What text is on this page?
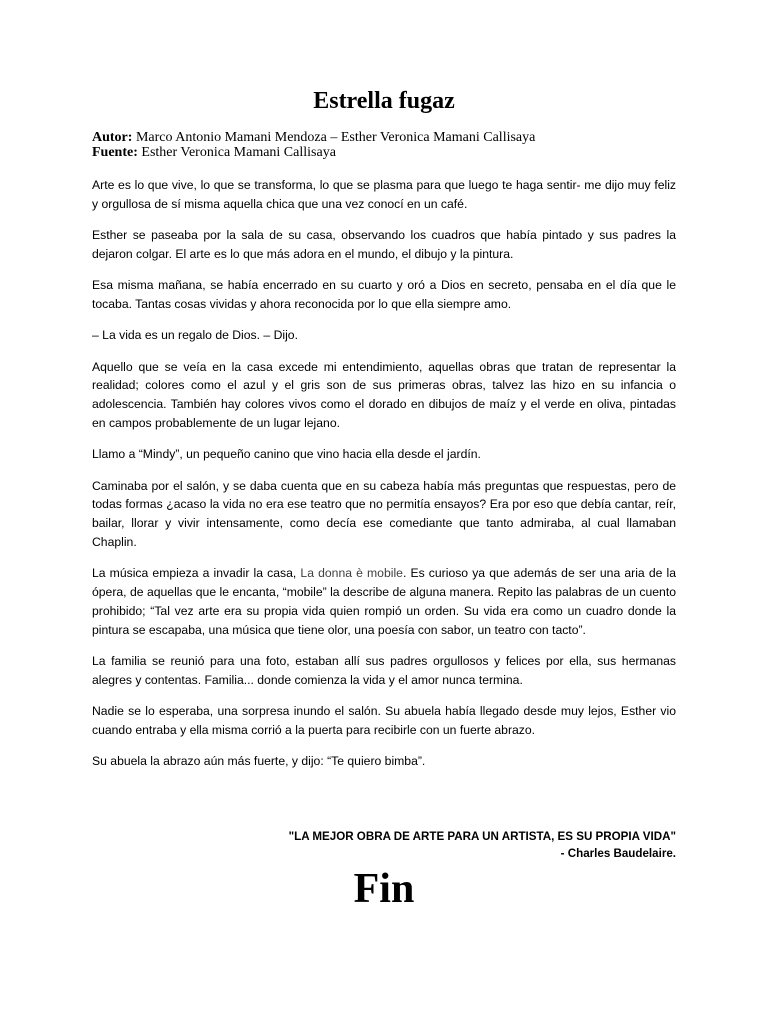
Estrella fugaz
Autor: Marco Antonio Mamani Mendoza – Esther Veronica Mamani Callisaya
Fuente: Esther Veronica Mamani Callisaya

Arte es lo que vive, lo que se transforma, lo que se plasma para que luego te haga sentir- me dijo muy feliz y orgullosa de sí misma aquella chica que una vez conocí en un café.

Esther se paseaba por la sala de su casa, observando los cuadros que había pintado y sus padres la dejaron colgar. El arte es lo que más adora en el mundo, el dibujo y la pintura.

Esa misma mañana, se había encerrado en su cuarto y oró a Dios en secreto, pensaba en el día que le tocaba. Tantas cosas vividas y ahora reconocida por lo que ella siempre amo.

– La vida es un regalo de Dios. – Dijo.

Aquello que se veía en la casa excede mi entendimiento, aquellas obras que tratan de representar la realidad; colores como el azul y el gris son de sus primeras obras, talvez las hizo en su infancia o adolescencia. También hay colores vivos como el dorado en dibujos de maíz y el verde en oliva, pintadas en campos probablemente de un lugar lejano.

Llamo a “Mindy”, un pequeño canino que vino hacia ella desde el jardín.

Caminaba por el salón, y se daba cuenta que en su cabeza había más preguntas que respuestas, pero de todas formas ¿acaso la vida no era ese teatro que no permitía ensayos? Era por eso que debía cantar, reír, bailar, llorar y vivir intensamente, como decía ese comediante que tanto admiraba, al cual llamaban Chaplin.

La música empieza a invadir la casa, La donna è mobile. Es curioso ya que además de ser una aria de la ópera, de aquellas que le encanta, “mobile” la describe de alguna manera. Repito las palabras de un cuento prohibido; “Tal vez arte era su propia vida quien rompió un orden. Su vida era como un cuadro donde la pintura se escapaba, una música que tiene olor, una poesía con sabor, un teatro con tacto”.

La familia se reunió para una foto, estaban allí sus padres orgullosos y felices por ella, sus hermanas alegres y contentas. Familia... donde comienza la vida y el amor nunca termina.

Nadie se lo esperaba, una sorpresa inundo el salón. Su abuela había llegado desde muy lejos, Esther vio cuando entraba y ella misma corrió a la puerta para recibirle con un fuerte abrazo.

Su abuela la abrazo aún más fuerte, y dijo: “Te quiero bimba”.

"LA MEJOR OBRA DE ARTE PARA UN ARTISTA, ES SU PROPIA VIDA"
- Charles Baudelaire.
Fin
